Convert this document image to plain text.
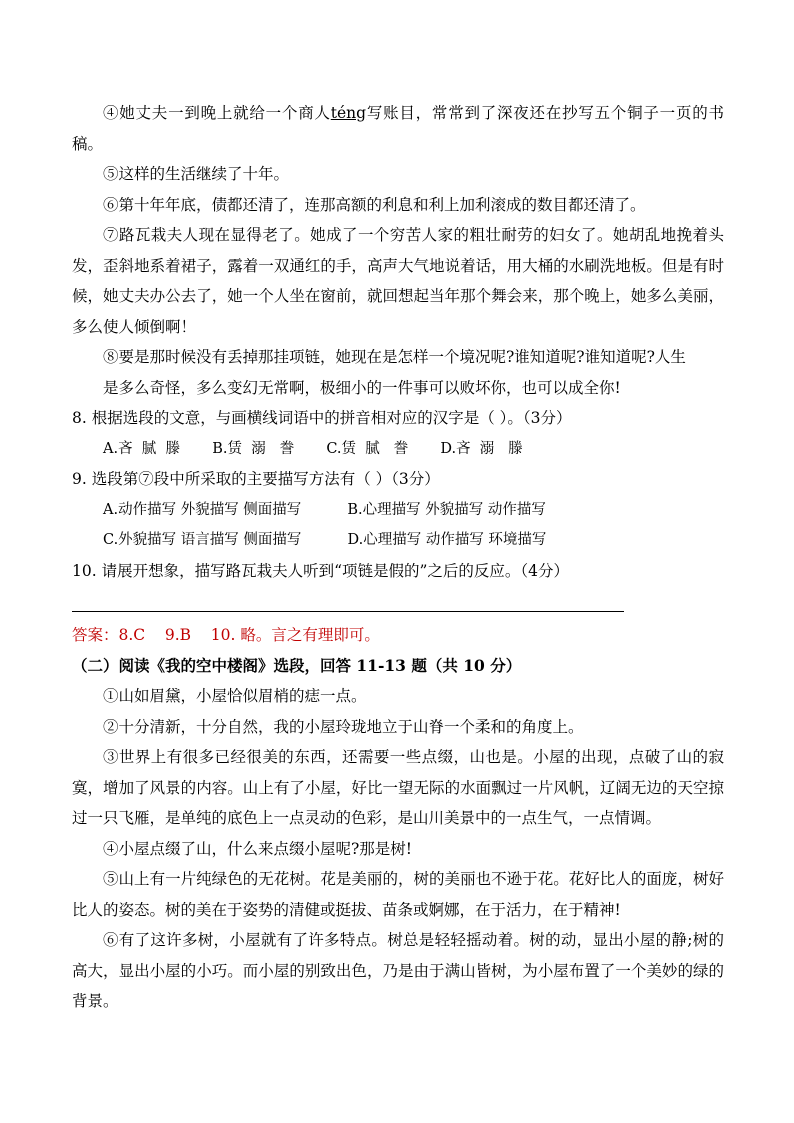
④她丈夫一到晚上就给一个商人téng写账目，常常到了深夜还在抄写五个铜子一页的书稿。

⑤这样的生活继续了十年。

⑥第十年年底，债都还清了，连那高额的利息和利上加利滚成的数目都还清了。

⑦路瓦栽夫人现在显得老了。她成了一个穷苦人家的粗壮耐劳的妇女了。她胡乱地挽着头发，歪斜地系着裙子，露着一双通红的手，高声大气地说着话，用大桶的水刷洗地板。但是有时候，她丈夫办公去了，她一个人坐在窗前，就回想起当年那个舞会来，那个晚上，她多么美丽，多么使人倾倒啊！

⑧要是那时候没有丢掉那挂项链，她现在是怎样一个境况呢?谁知道呢?谁知道呢?人生

是多么奇怪，多么变幻无常啊，极细小的一件事可以败坏你，也可以成全你!

8. 根据选段的文意，与画横线词语中的拼音相对应的汉字是（ ）。（3分）

A.吝  腻  滕       B.赁  溺   誊       C.赁  腻   誊       D.吝  溺   滕

9. 选段第⑦段中所采取的主要描写方法有（ ）（3分）

A.动作描写 外貌描写 侧面描写          B.心理描写 外貌描写 动作描写

C.外貌描写 语言描写 侧面描写          D.心理描写 动作描写 环境描写

10. 请展开想象，描写路瓦栽夫人听到“项链是假的”之后的反应。（4分）

答案：8.C    9.B    10. 略。言之有理即可。
（二）阅读《我的空中楼阁》选段，回答 11-13 题（共 10 分）

①山如眉黛，小屋恰似眉梢的痣一点。

②十分清新，十分自然，我的小屋玲珑地立于山脊一个柔和的角度上。

③世界上有很多已经很美的东西，还需要一些点缀，山也是。小屋的出现，点破了山的寂寞，增加了风景的内容。山上有了小屋，好比一望无际的水面飘过一片风帆，辽阔无边的天空掠过一只飞雁，是单纯的底色上一点灵动的色彩，是山川美景中的一点生气，一点情调。

④小屋点缀了山，什么来点缀小屋呢?那是树!

⑤山上有一片纯绿色的无花树。花是美丽的，树的美丽也不逊于花。花好比人的面庞，树好比人的姿态。树的美在于姿势的清健或挺拔、苗条或婀娜，在于活力，在于精神!

⑥有了这许多树，小屋就有了许多特点。树总是轻轻摇动着。树的动，显出小屋的静;树的高大，显出小屋的小巧。而小屋的别致出色，乃是由于满山皆树，为小屋布置了一个美妙的绿的背景。
